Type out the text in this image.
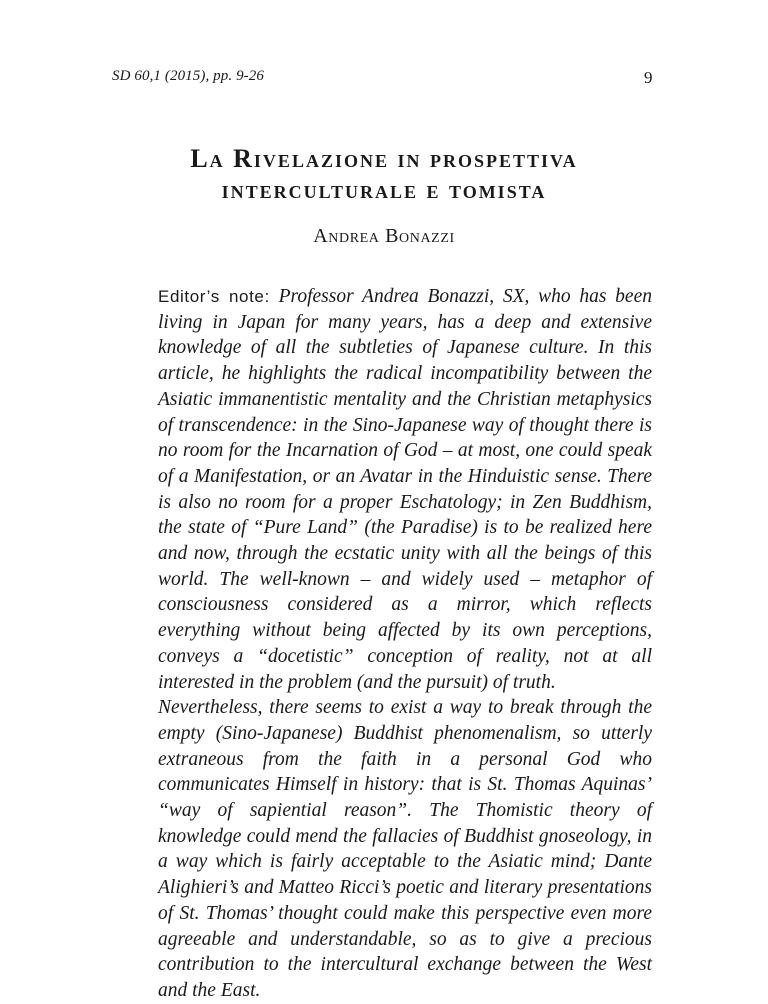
SD 60,1 (2015), pp. 9-26	9
La Rivelazione in prospettiva
interculturale e tomista
Andrea Bonazzi

Editor’s note: Professor Andrea Bonazzi, SX, who has been living in Japan for many years, has a deep and extensive knowledge of all the subtleties of Japanese culture. In this article, he highlights the radical incompatibility between the Asiatic immanentistic mentality and the Christian metaphysics of transcendence: in the Sino-Japanese way of thought there is no room for the Incarnation of God – at most, one could speak of a Manifestation, or an Avatar in the Hinduistic sense. There is also no room for a proper Eschatology; in Zen Buddhism, the state of “Pure Land” (the Paradise) is to be realized here and now, through the ecstatic unity with all the beings of this world. The well-known – and widely used – metaphor of consciousness considered as a mirror, which reflects everything without being affected by its own perceptions, conveys a “docetistic” conception of reality, not at all interested in the problem (and the pursuit) of truth.

Nevertheless, there seems to exist a way to break through the empty (Sino-Japanese) Buddhist phenomenalism, so utterly extraneous from the faith in a personal God who communicates Himself in history: that is St. Thomas Aquinas’ “way of sapiential reason”. The Thomistic theory of knowledge could mend the fallacies of Buddhist gnoseology, in a way which is fairly acceptable to the Asiatic mind; Dante Alighieri’s and Matteo Ricci’s poetic and literary presentations of St. Thomas’ thought could make this perspective even more agreeable and understandable, so as to give a precious contribution to the intercultural exchange between the West and the East.
